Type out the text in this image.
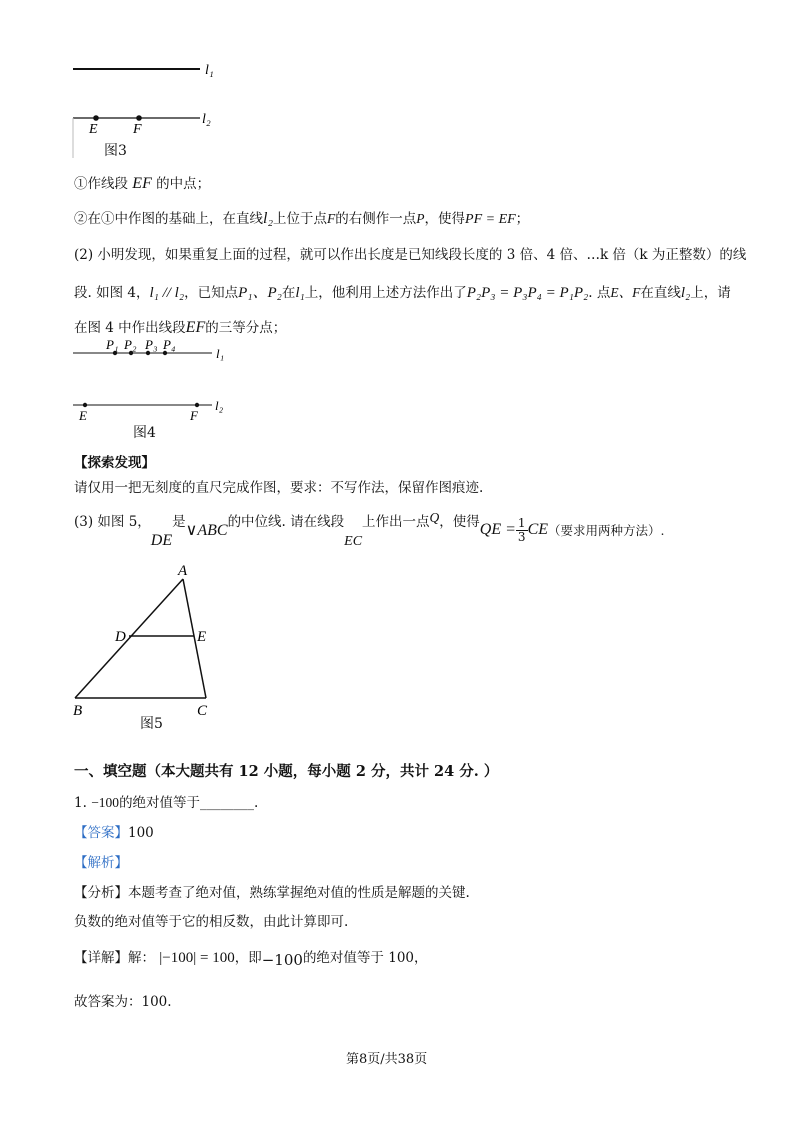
l₁
l₂
E	F
图3
①作线段 EF 的中点；
②在①中作图的基础上，在直线l₂上位于点F的右侧作一点P，使得PF = EF；
(2) 小明发现，如果重复上面的过程，就可以作出长度是已知线段长度的 3 倍、4 倍、…k 倍（k 为正整数）的线
段. 如图 4，l₁ // l₂，已知点P₁、P₂在l₁上，他利用上述方法作出了P₂P₃ = P₃P₄ = P₁P₂. 点E、F在直线l₂上，请
在图 4 中作出线段EF的三等分点；
P₁ P₂ P₃ P₄
l₁
l₂
E	F
图4
【探索发现】
请仅用一把无刻度的直尺完成作图，要求：不写作法，保留作图痕迹.
(3) 如图 5，
DE
是 ∨ABC 的中位线. 请在线段
EC
上作出一点 Q ，使得 QE = $\frac{1}{3}$ CE （要求用两种方法）.
A
D	E
B	C
图5
一、填空题（本大题共有 12 小题，每小题 2 分，共计 24 分. ）
1. −100的绝对值等于________.
【答案】100
【解析】
【分析】本题考查了绝对值，熟练掌握绝对值的性质是解题的关键.
负数的绝对值等于它的相反数，由此计算即可.
【详解】解： |−100| = 100，即−100的绝对值等于 100，
故答案为：100.
第8页/共38页
